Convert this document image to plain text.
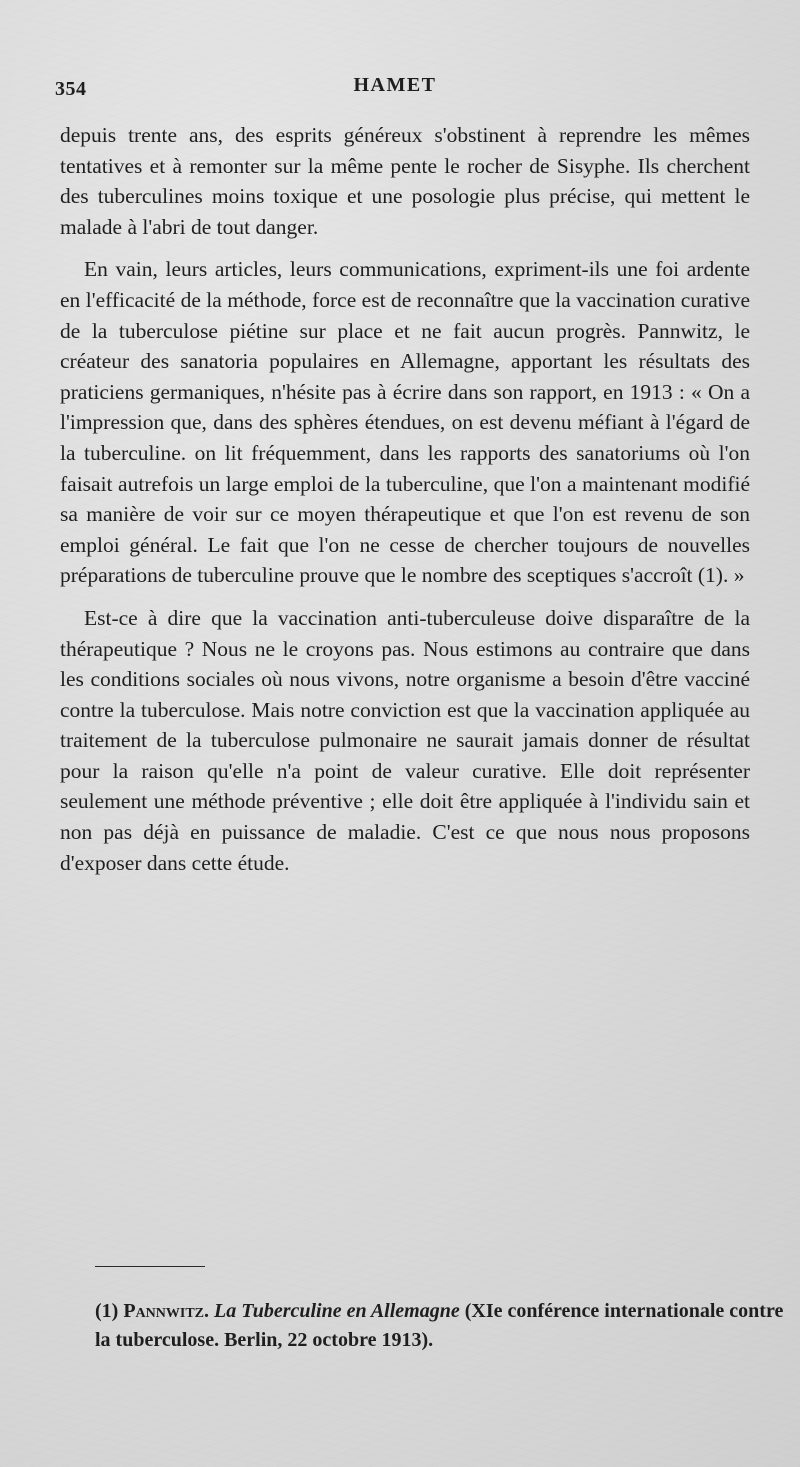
354	HAMET

depuis trente ans, des esprits généreux s'obstinent à reprendre les mêmes tentatives et à remonter sur la même pente le rocher de Sisyphe. Ils cherchent des tuberculines moins toxique et une posologie plus précise, qui mettent le malade à l'abri de tout danger.

En vain, leurs articles, leurs communications, expriment-ils une foi ardente en l'efficacité de la méthode, force est de reconnaître que la vaccination curative de la tuberculose piétine sur place et ne fait aucun progrès. Pannwitz, le créateur des sanatoria populaires en Allemagne, apportant les résultats des praticiens germaniques, n'hésite pas à écrire dans son rapport, en 1913 : « On a l'impression que, dans des sphères étendues, on est devenu méfiant à l'égard de la tuberculine. on lit fréquemment, dans les rapports des sanatoriums où l'on faisait autrefois un large emploi de la tuberculine, que l'on a maintenant modifié sa manière de voir sur ce moyen thérapeutique et que l'on est revenu de son emploi général. Le fait que l'on ne cesse de chercher toujours de nouvelles préparations de tuberculine prouve que le nombre des sceptiques s'accroît (1). »

Est-ce à dire que la vaccination anti-tuberculeuse doive disparaître de la thérapeutique ? Nous ne le croyons pas. Nous estimons au contraire que dans les conditions sociales où nous vivons, notre organisme a besoin d'être vacciné contre la tuberculose. Mais notre conviction est que la vaccination appliquée au traitement de la tuberculose pulmonaire ne saurait jamais donner de résultat pour la raison qu'elle n'a point de valeur curative. Elle doit représenter seulement une méthode préventive ; elle doit être appliquée à l'individu sain et non pas déjà en puissance de maladie. C'est ce que nous nous proposons d'exposer dans cette étude.

(1) Pannwitz. La Tuberculine en Allemagne (XIe conférence internationale contre la tuberculose. Berlin, 22 octobre 1913).
